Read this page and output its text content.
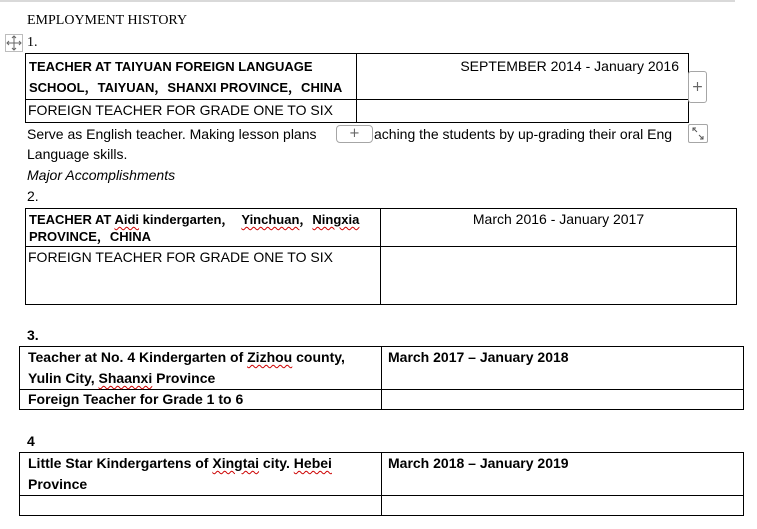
EMPLOYMENT HISTORY
1.
TEACHER AT TAIYUAN FOREIGN LANGUAGE
SCHOOL，TAIYUAN，SHANXI PROVINCE，CHINA	SEPTEMBER 2014 - January 2016
FOREIGN TEACHER FOR GRADE ONE TO SIX	
+
Serve as English teacher. Making lesson plans	aching the students by up-grading their oral Eng
+
Language skills.
Major Accomplishments
2.
TEACHER AT Aidi kindergarten，  Yinchuan，Ningxia
PROVINCE，CHINA	March 2016 - January 2017
FOREIGN TEACHER FOR GRADE ONE TO SIX	
3.
Teacher at No. 4 Kindergarten of Zizhou county,
Yulin City, Shaanxi Province	March 2017 – January 2018
Foreign Teacher for Grade 1 to 6	
4
Little Star Kindergartens of Xingtai city. Hebei
Province	March 2018 – January 2019
